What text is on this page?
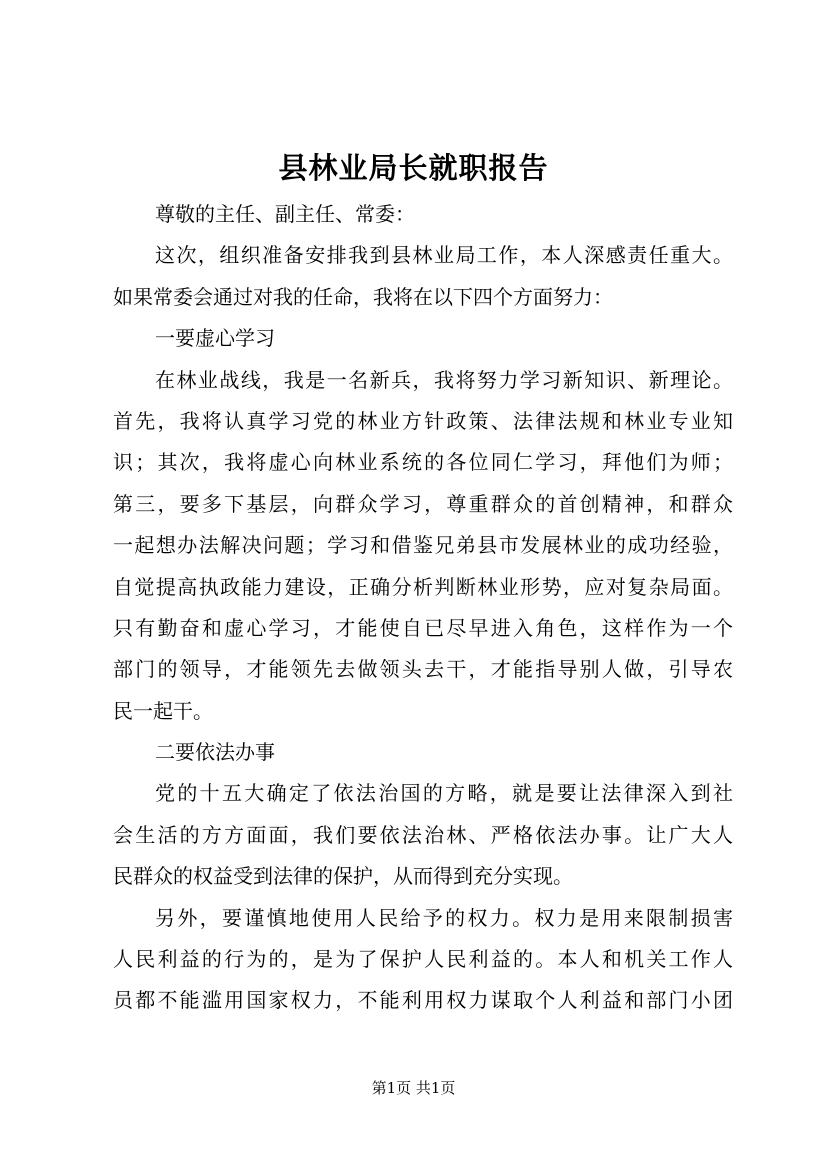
县林业局长就职报告
尊敬的主任、副主任、常委：
这次，组织准备安排我到县林业局工作，本人深感责任重大。
如果常委会通过对我的任命，我将在以下四个方面努力：
一要虚心学习
在林业战线，我是一名新兵，我将努力学习新知识、新理论。
首先，我将认真学习党的林业方针政策、法律法规和林业专业知
识；其次，我将虚心向林业系统的各位同仁学习，拜他们为师；
第三，要多下基层，向群众学习，尊重群众的首创精神，和群众
一起想办法解决问题；学习和借鉴兄弟县市发展林业的成功经验，
自觉提高执政能力建设，正确分析判断林业形势，应对复杂局面。
只有勤奋和虚心学习，才能使自已尽早进入角色，这样作为一个
部门的领导，才能领先去做领头去干，才能指导别人做，引导农
民一起干。
二要依法办事
党的十五大确定了依法治国的方略，就是要让法律深入到社
会生活的方方面面，我们要依法治林、严格依法办事。让广大人
民群众的权益受到法律的保护，从而得到充分实现。
另外，要谨慎地使用人民给予的权力。权力是用来限制损害
人民利益的行为的，是为了保护人民利益的。本人和机关工作人
员都不能滥用国家权力，不能利用权力谋取个人利益和部门小团
第1页 共1页
